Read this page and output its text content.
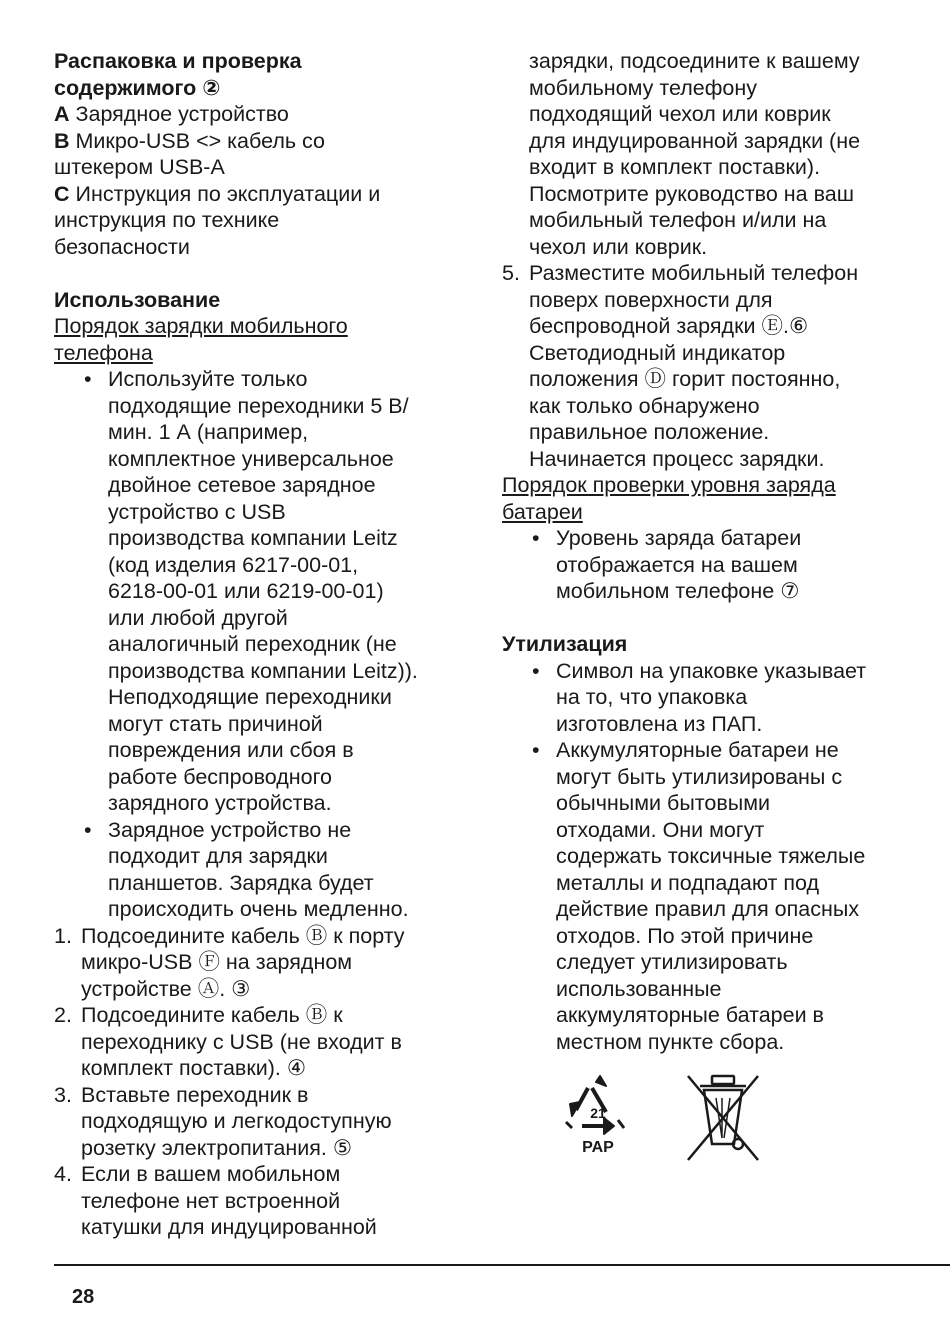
Распаковка и проверка
содержимого ②

A Зарядное устройство
B Микро-USB <> кабель со
штекером USB-A
C Инструкция по эксплуатации и
инструкция по технике
безопасности

Использование

Порядок зарядки мобильного
телефона

• Используйте только
подходящие переходники 5 В/
мин. 1 А (например,
комплектное универсальное
двойное сетевое зарядное
устройство с USB
производства компании Leitz
(код изделия 6217-00-01,
6218-00-01 или 6219-00-01)
или любой другой
аналогичный переходник (не
производства компании Leitz)).
Неподходящие переходники
могут стать причиной
повреждения или сбоя в
работе беспроводного
зарядного устройства.
• Зарядное устройство не
подходит для зарядки
планшетов. Зарядка будет
происходить очень медленно.
1. Подсоедините кабель Ⓑ к порту
микро-USB Ⓕ на зарядном
устройстве Ⓐ. ③
2. Подсоедините кабель Ⓑ к
переходнику с USB (не входит в
комплект поставки). ④
3. Вставьте переходник в
подходящую и легкодоступную
розетку электропитания. ⑤
4. Если в вашем мобильном
телефоне нет встроенной
катушки для индуцированной
зарядки, подсоедините к вашему
мобильному телефону
подходящий чехол или коврик
для индуцированной зарядки (не
входит в комплект поставки).
Посмотрите руководство на ваш
мобильный телефон и/или на
чехол или коврик.
5. Разместите мобильный телефон
поверх поверхности для
беспроводной зарядки Ⓔ.⑥
Светодиодный индикатор
положения Ⓓ горит постоянно,
как только обнаружено
правильное положение.
Начинается процесс зарядки.

Порядок проверки уровня заряда
батареи

• Уровень заряда батареи
отображается на вашем
мобильном телефоне ⑦

Утилизация

• Символ на упаковке указывает
на то, что упаковка
изготовлена из ПАП.
• Аккумуляторные батареи не
могут быть утилизированы с
обычными бытовыми
отходами. Они могут
содержать токсичные тяжелые
металлы и подпадают под
действие правил для опасных
отходов. По этой причине
следует утилизировать
использованные
аккумуляторные батареи в
местном пункте сбора.
21
PAP
28
